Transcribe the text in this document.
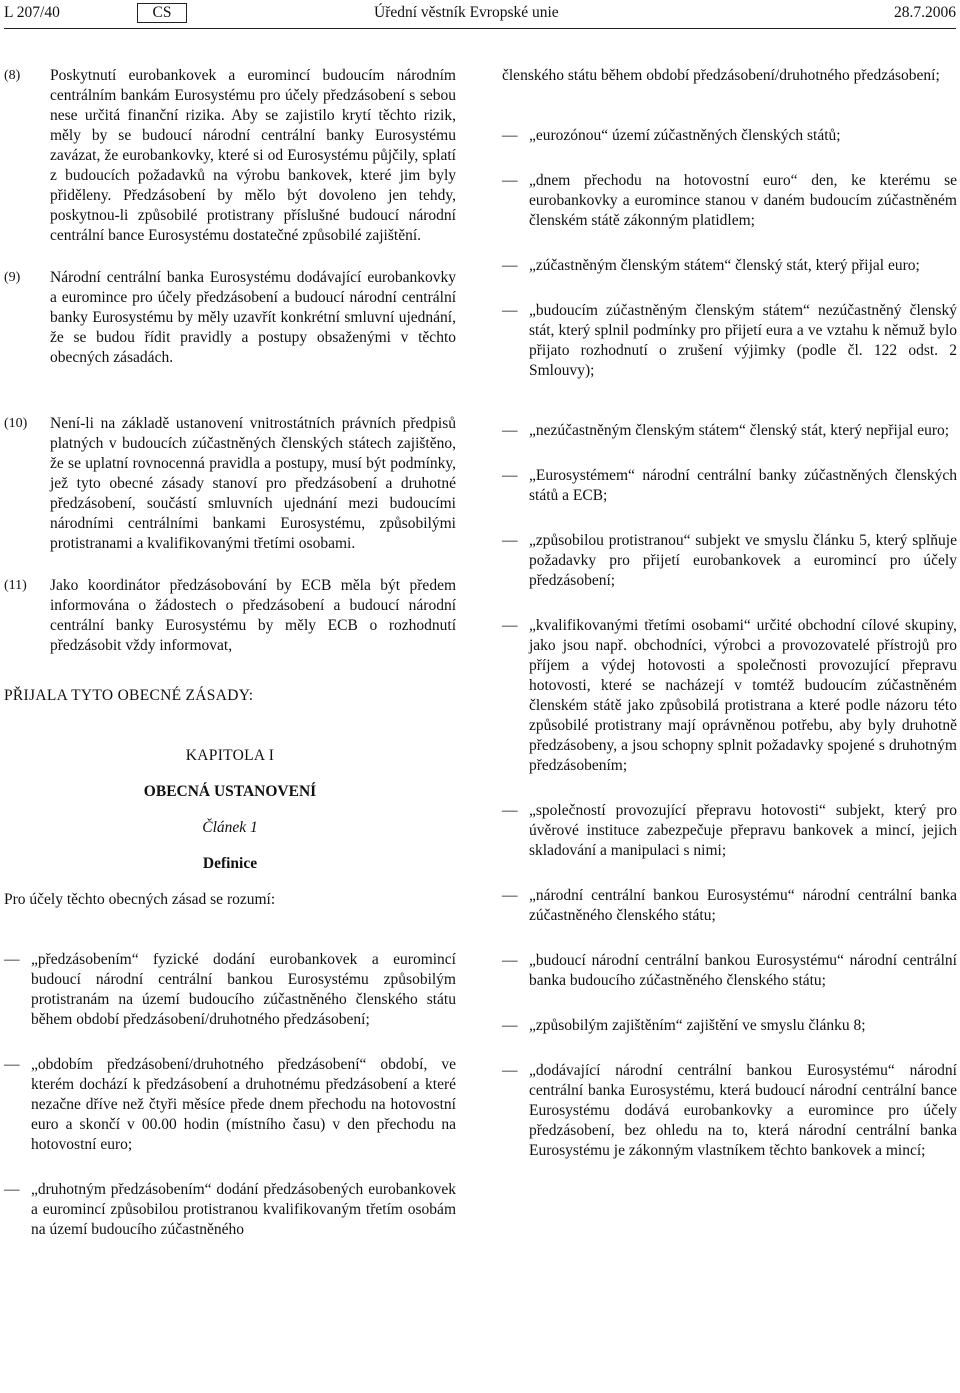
L 207/40	CS	Úřední věstník Evropské unie	28.7.2006
(8) Poskytnutí eurobankovek a euromincí budoucím národním centrálním bankám Eurosystému pro účely předzásobení s sebou nese určitá finanční rizika. Aby se zajistilo krytí těchto rizik, měly by se budoucí národní centrální banky Eurosystému zavázat, že eurobankovky, které si od Eurosystému půjčily, splatí z budoucích požadavků na výrobu bankovek, které jim byly přiděleny. Předzásobení by mělo být dovoleno jen tehdy, poskytnou-li způsobilé protistrany příslušné budoucí národní centrální bance Eurosystému dostatečné způsobilé zajištění.
(9) Národní centrální banka Eurosystému dodávající eurobankovky a euromince pro účely předzásobení a budoucí národní centrální banky Eurosystému by měly uzavřít konkrétní smluvní ujednání, že se budou řídit pravidly a postupy obsaženými v těchto obecných zásadách.
(10) Není-li na základě ustanovení vnitrostátních právních předpisů platných v budoucích zúčastněných členských státech zajištěno, že se uplatní rovnocenná pravidla a postupy, musí být podmínky, jež tyto obecné zásady stanoví pro předzásobení a druhotné předzásobení, součástí smluvních ujednání mezi budoucími národními centrálními bankami Eurosystému, způsobilými protistranami a kvalifikovanými třetími osobami.
(11) Jako koordinátor předzásobování by ECB měla být předem informována o žádostech o předzásobení a budoucí národní centrální banky Eurosystému by měly ECB o rozhodnutí předzásobit vždy informovat,
PŘIJALA TYTO OBECNÉ ZÁSADY:
KAPITOLA I
OBECNÁ USTANOVENÍ
Článek 1
Definice
Pro účely těchto obecných zásad se rozumí:
— „předzásobením“ fyzické dodání eurobankovek a euromincí budoucí národní centrální bankou Eurosystému způsobilým protistranám na území budoucího zúčastněného členského státu během období předzásobení/druhotného předzásobení;
— „obdobím předzásobení/druhotného předzásobení“ období, ve kterém dochází k předzásobení a druhotnému předzásobení a které nezačne dříve než čtyři měsíce přede dnem přechodu na hotovostní euro a skončí v 00.00 hodin (místního času) v den přechodu na hotovostní euro;
— „druhotným předzásobením“ dodání předzásobených eurobankovek a euromincí způsobilou protistranou kvalifikovaným třetím osobám na území budoucího zúčastněného
členského státu během období předzásobení/druhotného předzásobení;
— „eurozónou“ území zúčastněných členských států;
— „dnem přechodu na hotovostní euro“ den, ke kterému se eurobankovky a euromince stanou v daném budoucím zúčastněném členském státě zákonným platidlem;
— „zúčastněným členským státem“ členský stát, který přijal euro;
— „budoucím zúčastněným členským státem“ nezúčastněný členský stát, který splnil podmínky pro přijetí eura a ve vztahu k němuž bylo přijato rozhodnutí o zrušení výjimky (podle čl. 122 odst. 2 Smlouvy);
— „nezúčastněným členským státem“ členský stát, který nepřijal euro;
— „Eurosystémem“ národní centrální banky zúčastněných členských států a ECB;
— „způsobilou protistranou“ subjekt ve smyslu článku 5, který splňuje požadavky pro přijetí eurobankovek a euromincí pro účely předzásobení;
— „kvalifikovanými třetími osobami“ určité obchodní cílové skupiny, jako jsou např. obchodníci, výrobci a provozovatelé přístrojů pro příjem a výdej hotovosti a společnosti provozující přepravu hotovosti, které se nacházejí v tomtéž budoucím zúčastněném členském státě jako způsobilá protistrana a které podle názoru této způsobilé protistrany mají oprávněnou potřebu, aby byly druhotně předzásobeny, a jsou schopny splnit požadavky spojené s druhotným předzásobením;
— „společností provozující přepravu hotovosti“ subjekt, který pro úvěrové instituce zabezpečuje přepravu bankovek a mincí, jejich skladování a manipulaci s nimi;
— „národní centrální bankou Eurosystému“ národní centrální banka zúčastněného členského státu;
— „budoucí národní centrální bankou Eurosystému“ národní centrální banka budoucího zúčastněného členského státu;
— „způsobilým zajištěním“ zajištění ve smyslu článku 8;
— „dodávající národní centrální bankou Eurosystému“ národní centrální banka Eurosystému, která budoucí národní centrální bance Eurosystému dodává eurobankovky a euromince pro účely předzásobení, bez ohledu na to, která národní centrální banka Eurosystému je zákonným vlastníkem těchto bankovek a mincí;
